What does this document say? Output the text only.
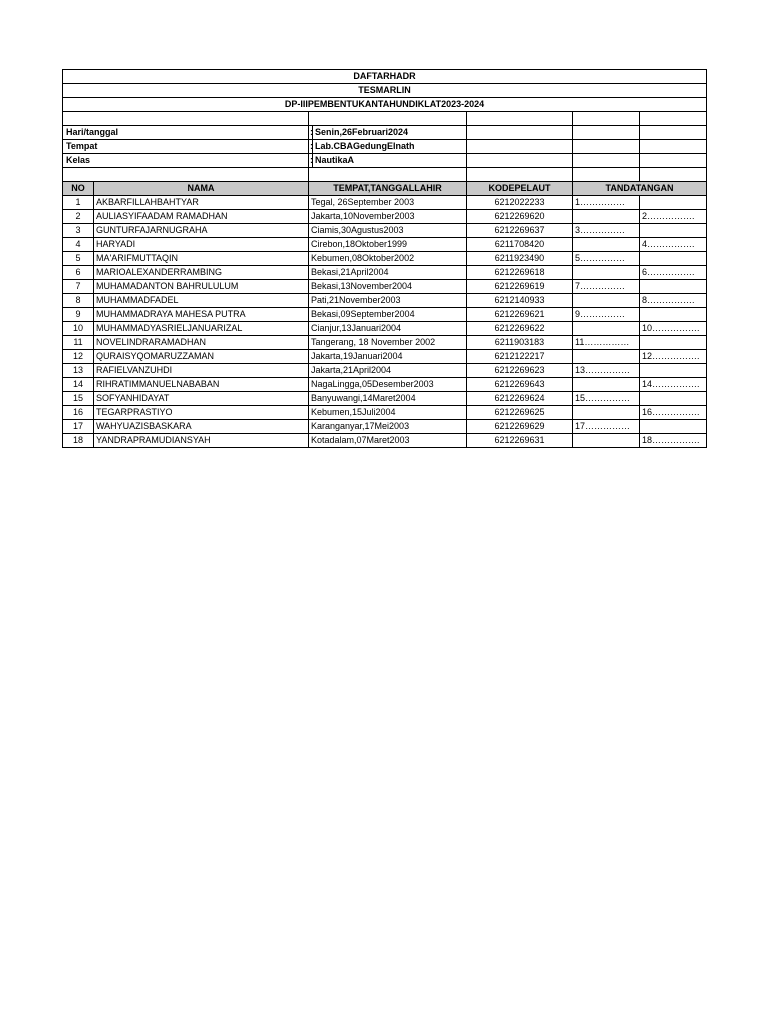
DAFTARHADR						
TESMARLIN						
DP-IIIPEMBENTUKANTAHUNDIKLAT2023-2024						

Hari/tanggal		:	Senin,26Februari2024			
Tempat		:	Lab.CBAGedungElnath			
Kelas		:	NautikaA			

NO	NAMA	TEMPAT,TANGGALLAHIR		KODEPELAUT	TANDATANGAN	
1	AKBARFILLAHBAHTYAR	Tegal, 26September 2003		6212022233	1……………	
2	AULIASYIFAADAM RAMADHAN	Jakarta,10November2003		6212269620		2…………….
3	GUNTURFAJARNUGRAHA	Ciamis,30Agustus2003		6212269637	3……………	
4	HARYADI	Cirebon,18Oktober1999		6211708420		4…………….
5	MA'ARIFMUTTAQIN	Kebumen,08Oktober2002		6211923490	5……………	
6	MARIOALEXANDERRAMBING	Bekasi,21April2004		6212269618		6…………….
7	MUHAMADANTON BAHRULULUM	Bekasi,13November2004		6212269619	7……………	
8	MUHAMMADFADEL	Pati,21November2003		6212140933		8…………….
9	MUHAMMADRAYA MAHESA PUTRA	Bekasi,09September2004		6212269621	9……………	
10	MUHAMMADYASRIELJANUARIZAL	Cianjur,13Januari2004		6212269622		10…………….
11	NOVELINDRARAMADHAN	Tangerang, 18 November 2002		6211903183	11……………	
12	QURAISYQOMARUZZAMAN	Jakarta,19Januari2004		6212122217		12…………….
13	RAFIELVANZUHDI	Jakarta,21April2004		6212269623	13……………	
14	RIHRATIMMANUELNABABAN	NagaLingga,05Desember2003		6212269643		14…………….
15	SOFYANHIDAYAT	Banyuwangi,14Maret2004		6212269624	15……………	
16	TEGARPRASTIYO	Kebumen,15Juli2004		6212269625		16…………….
17	WAHYUAZISBASKARA	Karanganyar,17Mei2003		6212269629	17……………	
18	YANDRAPRAMUDIANSYAH	Kotadalam,07Maret2003		6212269631		18…………….
